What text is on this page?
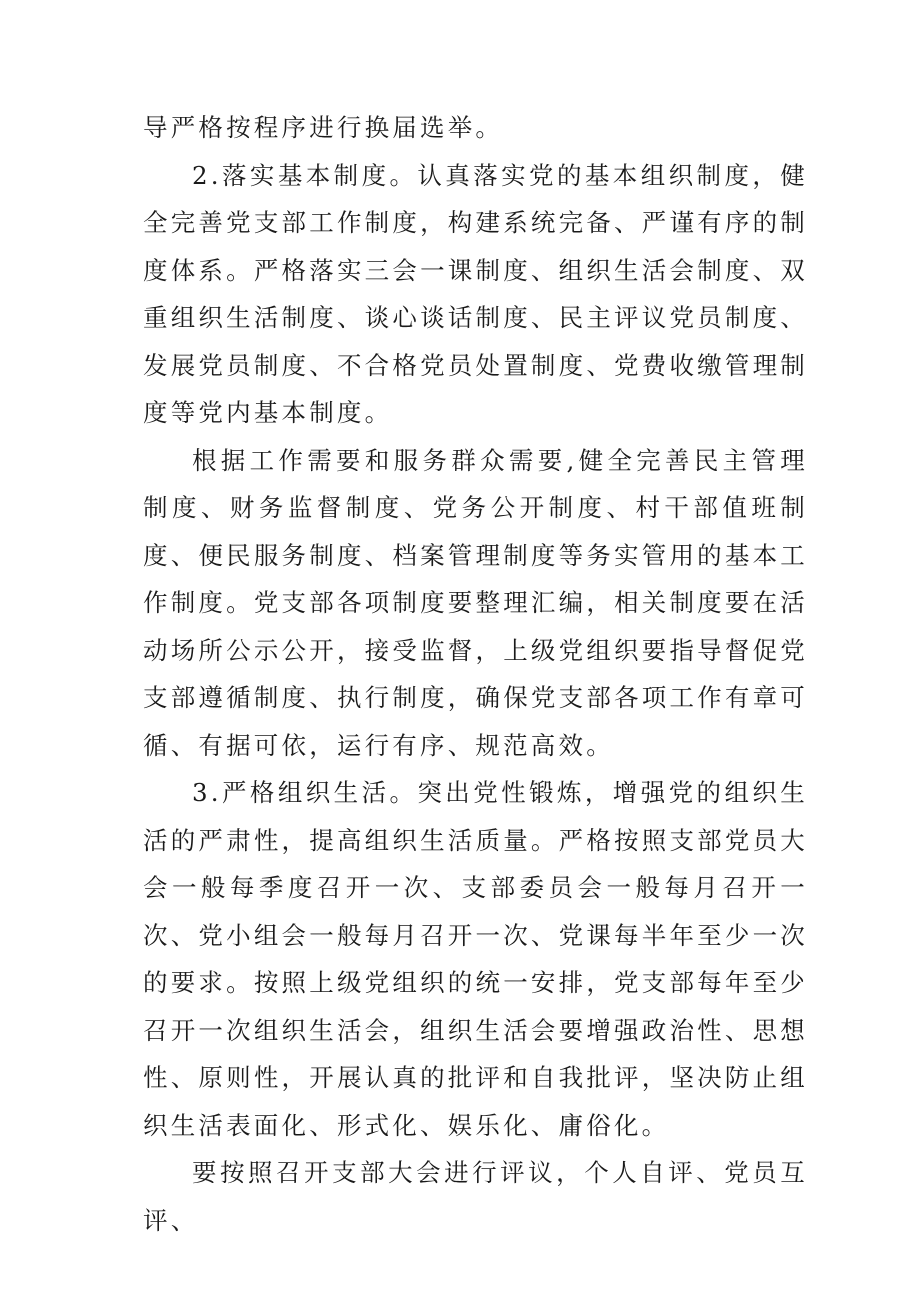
导严格按程序进行换届选举。

2.落实基本制度。认真落实党的基本组织制度，健全完善党支部工作制度，构建系统完备、严谨有序的制度体系。严格落实三会一课制度、组织生活会制度、双重组织生活制度、谈心谈话制度、民主评议党员制度、发展党员制度、不合格党员处置制度、党费收缴管理制度等党内基本制度。

根据工作需要和服务群众需要,健全完善民主管理制度、财务监督制度、党务公开制度、村干部值班制度、便民服务制度、档案管理制度等务实管用的基本工作制度。党支部各项制度要整理汇编，相关制度要在活动场所公示公开，接受监督，上级党组织要指导督促党支部遵循制度、执行制度，确保党支部各项工作有章可循、有据可依，运行有序、规范高效。

3.严格组织生活。突出党性锻炼，增强党的组织生活的严肃性，提高组织生活质量。严格按照支部党员大会一般每季度召开一次、支部委员会一般每月召开一次、党小组会一般每月召开一次、党课每半年至少一次的要求。按照上级党组织的统一安排，党支部每年至少召开一次组织生活会，组织生活会要增强政治性、思想性、原则性，开展认真的批评和自我批评，坚决防止组织生活表面化、形式化、娱乐化、庸俗化。

要按照召开支部大会进行评议，个人自评、党员互评、
